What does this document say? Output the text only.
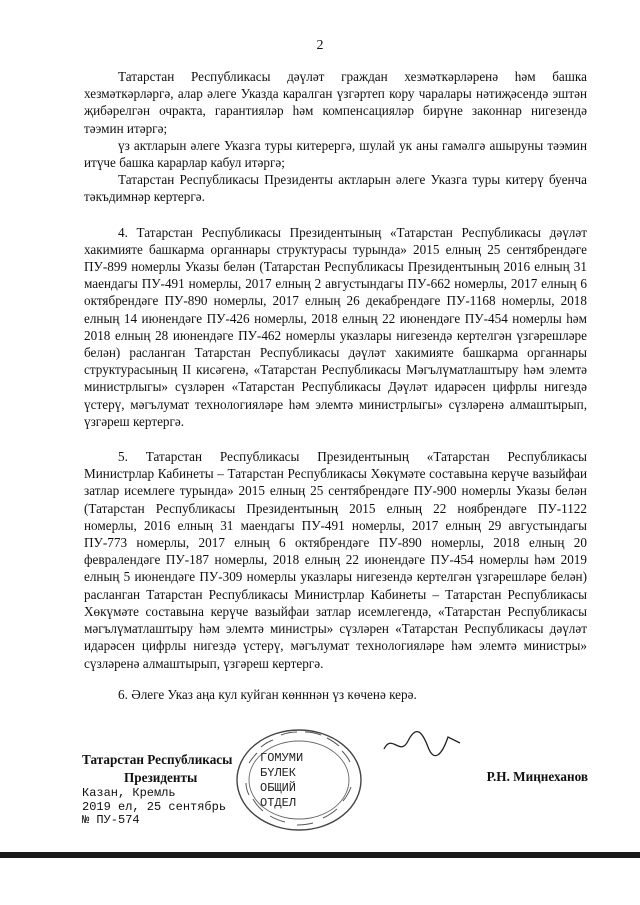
2

Татарстан Республикасы дәүләт граждан хезмәткәрләренә һәм башка хезмәткәрләргә, алар әлеге Указда каралган үзгәртеп кору чаралары нәтиҗәсендә эштән җибәрелгән очракта, гарантияләр һәм компенсацияләр бирүне законнар нигезендә тәэмин итәргә;

үз актларын әлеге Указга туры китерергә, шулай ук аны гамәлгә ашыруны тәэмин итүче башка карарлар кабул итәргә;

Татарстан Республикасы Президенты актларын әлеге Указга туры китерү буенча тәкъдимнәр кертергә.

4. Татарстан Республикасы Президентының «Татарстан Республикасы дәүләт хакимияте башкарма органнары структурасы турында» 2015 елның 25 сентябрендәге ПУ-899 номерлы Указы белән (Татарстан Республикасы Президентының 2016 елның 31 маендагы ПУ-491 номерлы, 2017 елның 2 августындагы ПУ-662 номерлы, 2017 елның 6 октябрендәге ПУ-890 номерлы, 2017 елның 26 декабрендәге ПУ-1168 номерлы, 2018 елның 14 июнендәге ПУ-426 номерлы, 2018 елның 22 июнендәге ПУ-454 номерлы һәм 2018 елның 28 июнендәге ПУ-462 номерлы указлары нигезендә кертелгән үзгәрешләре белән) расланган Татарстан Республикасы дәүләт хакимияте башкарма органнары структурасының II кисәгенә, «Татарстан Республикасы Мәгълүматлаштыру һәм элемтә министрлыгы» сүзләрен «Татарстан Республикасы Дәүләт идарәсен цифрлы нигездә үстерү, мәгълумат технологияләре һәм элемтә министрлыгы» сүзләренә алмаштырып, үзгәреш кертергә.

5. Татарстан Республикасы Президентының «Татарстан Республикасы Министрлар Кабинеты – Татарстан Республикасы Хөкүмәте составына керүче вазыйфаи затлар исемлеге турында» 2015 елның 25 сентябрендәге ПУ-900 номерлы Указы белән (Татарстан Республикасы Президентының 2015 елның 22 ноябрендәге ПУ-1122 номерлы, 2016 елның 31 маендагы ПУ-491 номерлы, 2017 елның 29 августындагы ПУ-773 номерлы, 2017 елның 6 октябрендәге ПУ-890 номерлы, 2018 елның 20 февралендәге ПУ-187 номерлы, 2018 елның 22 июнендәге ПУ-454 номерлы һәм 2019 елның 5 июнендәге ПУ-309 номерлы указлары нигезендә кертелгән үзгәрешләре белән) расланган Татарстан Республикасы Министрлар Кабинеты – Татарстан Республикасы Хөкүмәте составына керүче вазыйфаи затлар исемлегендә, «Татарстан Республикасы мәгълүматлаштыру һәм элемтә министры» сүзләрен «Татарстан Республикасы дәүләт идарәсен цифрлы нигездә үстерү, мәгълумат технологияләре һәм элемтә министры» сүзләренә алмаштырып, үзгәреш кертергә.

6. Әлеге Указ аңа кул куйган көнннән үз көченә керә.

Татарстан Республикасы
Президенты	Р.Н. Миңнеханов
Казан, Кремль
2019 ел, 25 сентябрь
№ ПУ-574
ГОМУМИ
БҮЛЕК
ОБЩИЙ
ОТДЕЛ
